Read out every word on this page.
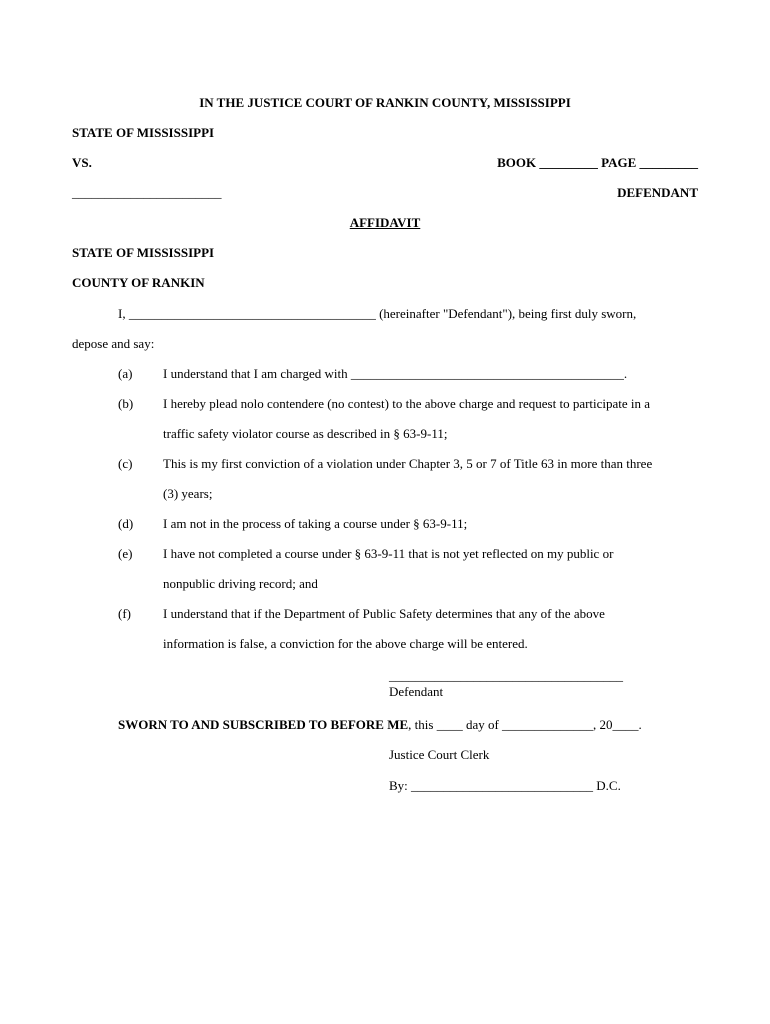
IN THE JUSTICE COURT OF RANKIN COUNTY, MISSISSIPPI
STATE OF MISSISSIPPI
VS.	BOOK _________ PAGE _________
_______________________	DEFENDANT
AFFIDAVIT
STATE OF MISSISSIPPI
COUNTY OF RANKIN
I, ______________________________________ (hereinafter "Defendant"), being first duly sworn,
depose and say:
(a) I understand that I am charged with __________________________________________.
(b) I hereby plead nolo contendere (no contest) to the above charge and request to participate in a
traffic safety violator course as described in § 63-9-11;
(c) This is my first conviction of a violation under Chapter 3, 5 or 7 of Title 63 in more than three
(3) years;
(d) I am not in the process of taking a course under § 63-9-11;
(e) I have not completed a course under § 63-9-11 that is not yet reflected on my public or
nonpublic driving record; and
(f) I understand that if the Department of Public Safety determines that any of the above
information is false, a conviction for the above charge will be entered.
____________________________________
Defendant
SWORN TO AND SUBSCRIBED TO BEFORE ME, this ____ day of ______________, 20____.
Justice Court Clerk
By: ____________________________ D.C.
